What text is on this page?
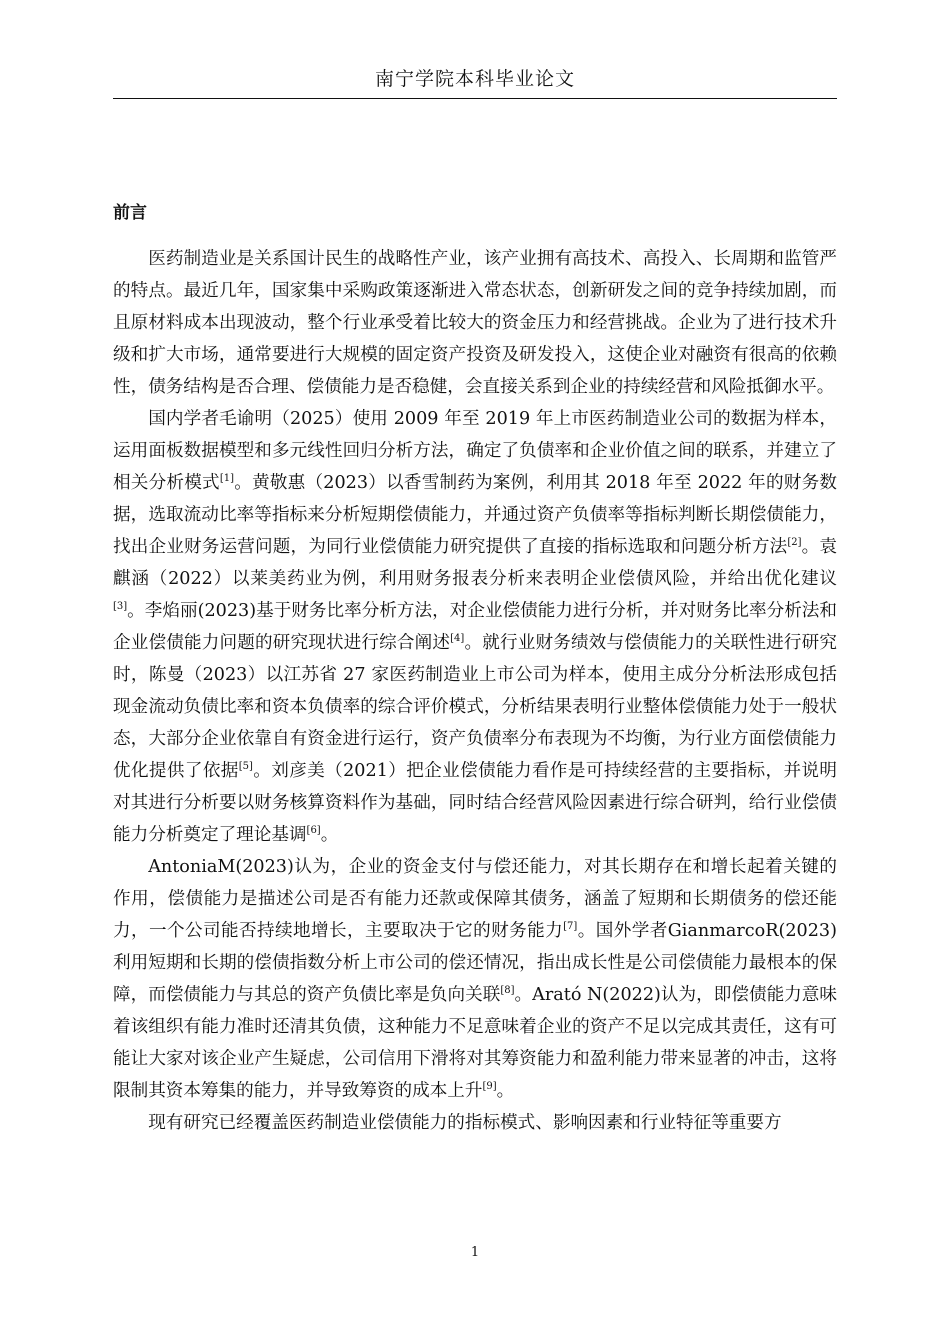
南宁学院本科毕业论文
前言

医药制造业是关系国计民生的战略性产业，该产业拥有高技术、高投入、长周期和监管严的特点。最近几年，国家集中采购政策逐渐进入常态状态，创新研发之间的竞争持续加剧，而且原材料成本出现波动，整个行业承受着比较大的资金压力和经营挑战。企业为了进行技术升级和扩大市场，通常要进行大规模的固定资产投资及研发投入，这使企业对融资有很高的依赖性，债务结构是否合理、偿债能力是否稳健，会直接关系到企业的持续经营和风险抵御水平。

国内学者毛谕明（2025）使用 2009 年至 2019 年上市医药制造业公司的数据为样本，运用面板数据模型和多元线性回归分析方法，确定了负债率和企业价值之间的联系，并建立了相关分析模式[1]。黄敬惠（2023）以香雪制药为案例，利用其 2018 年至 2022 年的财务数据，选取流动比率等指标来分析短期偿债能力，并通过资产负债率等指标判断长期偿债能力，找出企业财务运营问题，为同行业偿债能力研究提供了直接的指标选取和问题分析方法[2]。袁麒涵（2022）以莱美药业为例，利用财务报表分析来表明企业偿债风险，并给出优化建议[3]。李焰丽(2023)基于财务比率分析方法，对企业偿债能力进行分析，并对财务比率分析法和企业偿债能力问题的研究现状进行综合阐述[4]。就行业财务绩效与偿债能力的关联性进行研究时，陈曼（2023）以江苏省 27 家医药制造业上市公司为样本，使用主成分分析法形成包括现金流动负债比率和资本负债率的综合评价模式，分析结果表明行业整体偿债能力处于一般状态，大部分企业依靠自有资金进行运行，资产负债率分布表现为不均衡，为行业方面偿债能力优化提供了依据[5]。刘彦美（2021）把企业偿债能力看作是可持续经营的主要指标，并说明对其进行分析要以财务核算资料作为基础，同时结合经营风险因素进行综合研判，给行业偿债能力分析奠定了理论基调[6]。

AntoniaM(2023)认为，企业的资金支付与偿还能力，对其长期存在和增长起着关键的作用，偿债能力是描述公司是否有能力还款或保障其债务，涵盖了短期和长期债务的偿还能力，一个公司能否持续地增长，主要取决于它的财务能力[7]。国外学者GianmarcoR(2023)利用短期和长期的偿债指数分析上市公司的偿还情况，指出成长性是公司偿债能力最根本的保障，而偿债能力与其总的资产负债比率是负向关联[8]。Arató N(2022)认为，即偿债能力意味着该组织有能力准时还清其负债，这种能力不足意味着企业的资产不足以完成其责任，这有可能让大家对该企业产生疑虑，公司信用下滑将对其筹资能力和盈利能力带来显著的冲击，这将限制其资本筹集的能力，并导致筹资的成本上升[9]。

现有研究已经覆盖医药制造业偿债能力的指标模式、影响因素和行业特征等重要方

1
